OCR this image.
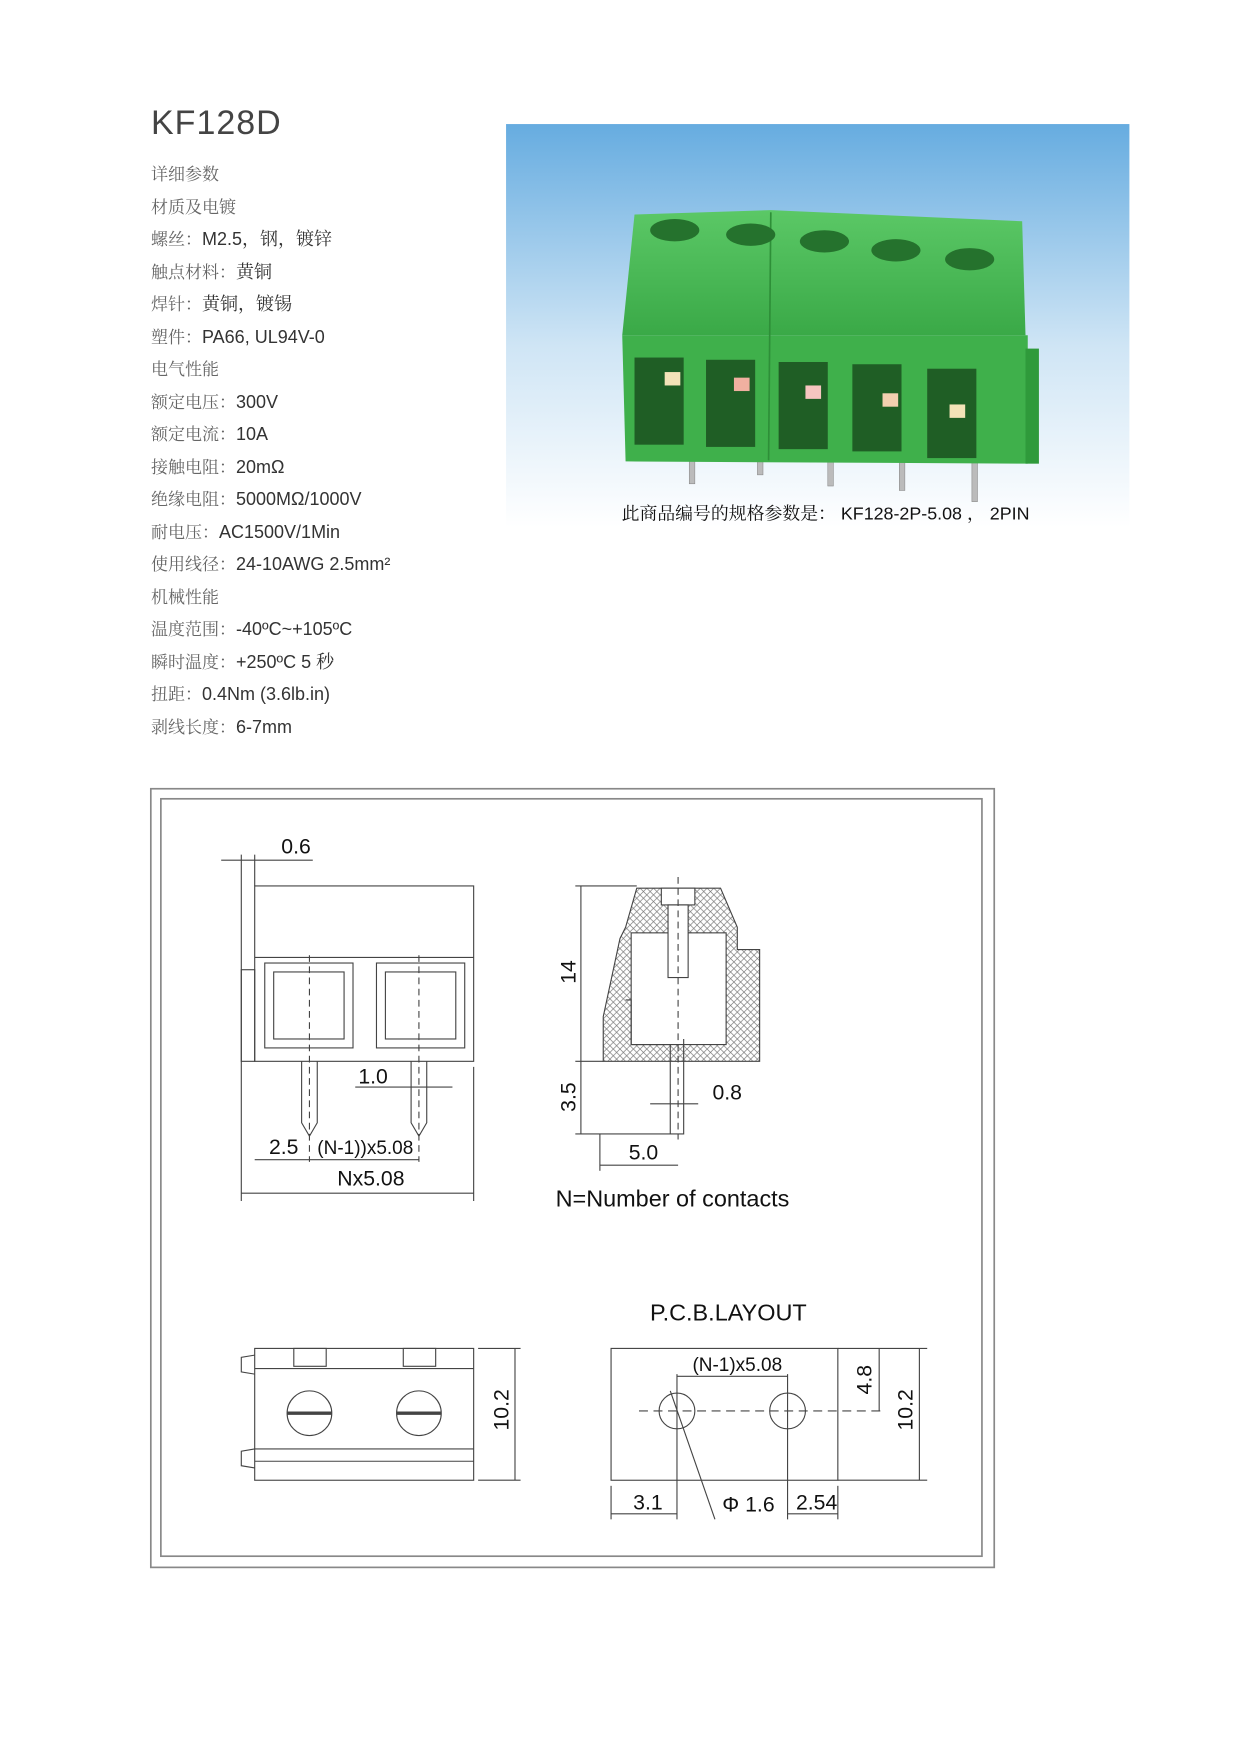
KF128D
详细参数
材质及电镀
螺丝：M2.5，钢，镀锌
触点材料：黄铜
焊针：黄铜，镀锡
塑件：PA66, UL94V-0
电气性能
额定电压：300V
额定电流：10A
接触电阻：20mΩ
绝缘电阻：5000MΩ/1000V
耐电压：AC1500V/1Min
使用线径：24-10AWG 2.5mm²
机械性能
温度范围：-40ºC~+105ºC
瞬时温度：+250ºC 5 秒
扭距：0.4Nm (3.6lb.in)
剥线长度：6-7mm
此商品编号的规格参数是： KF128-2P-5.08 ， 2PIN
0.6
1.0
2.5 (N-1))x5.08
Nx5.08
14
3.5	0.8
5.0
N=Number of contacts
P.C.B.LAYOUT
10.2
(N-1)x5.08	4.8
10.2
3.1	Φ 1.6 2.54
